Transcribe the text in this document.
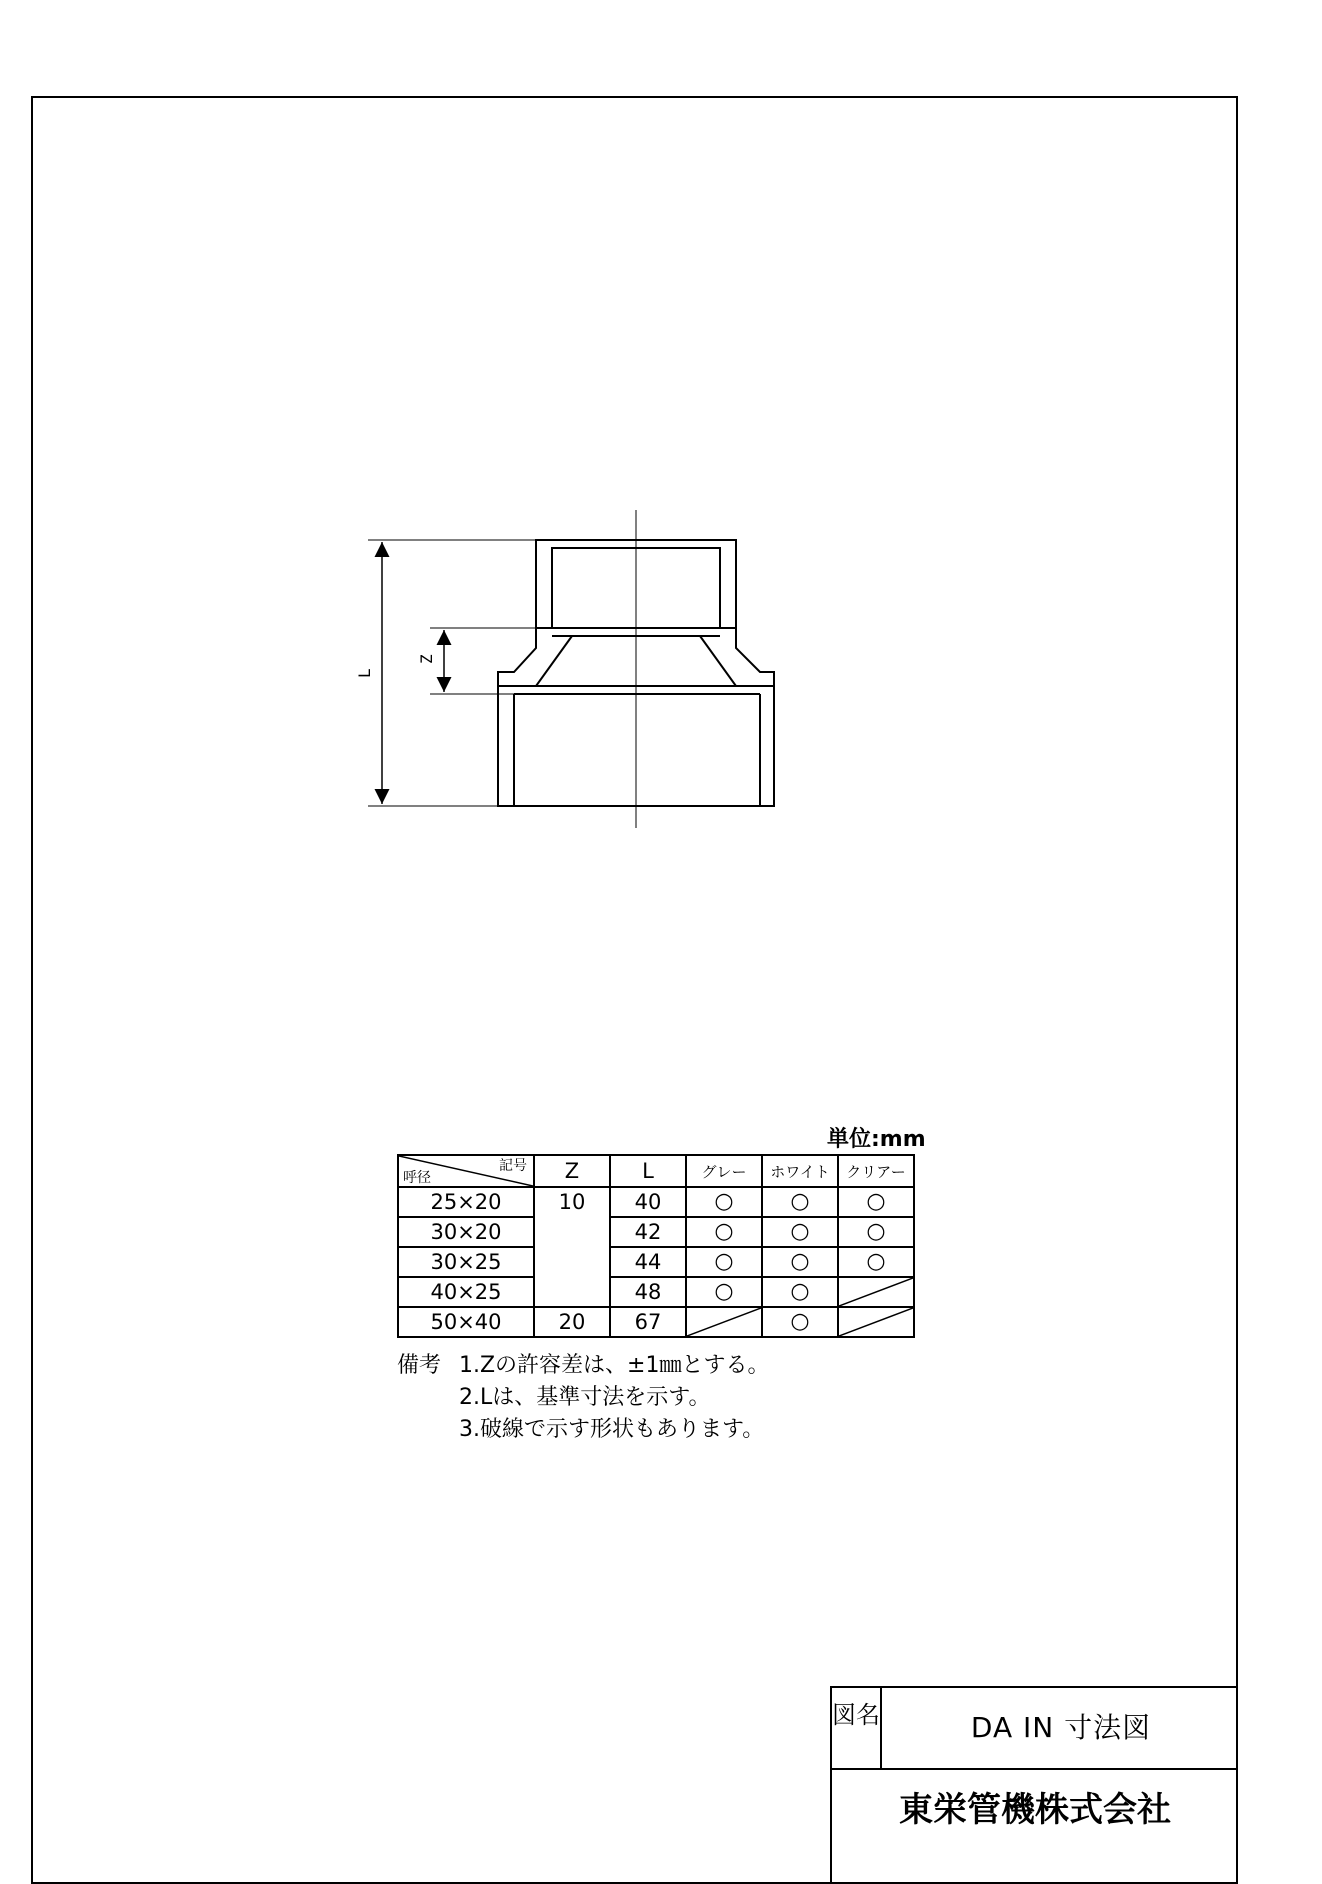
L
Z
単位:mm
記号
呼径	Z	L	グレー	ホワイト	クリアー
25×20	10	40	○	○	○
30×20		42	○	○	○
30×25		44	○	○	○
40×25		48	○	○	

50×40	20	67		○	
備考 1.Zの許容差は、±1㎜とする。
2.Lは、基準寸法を示す。
3.破線で示す形状もあります。
図名	DA IN 寸法図
東栄管機株式会社
